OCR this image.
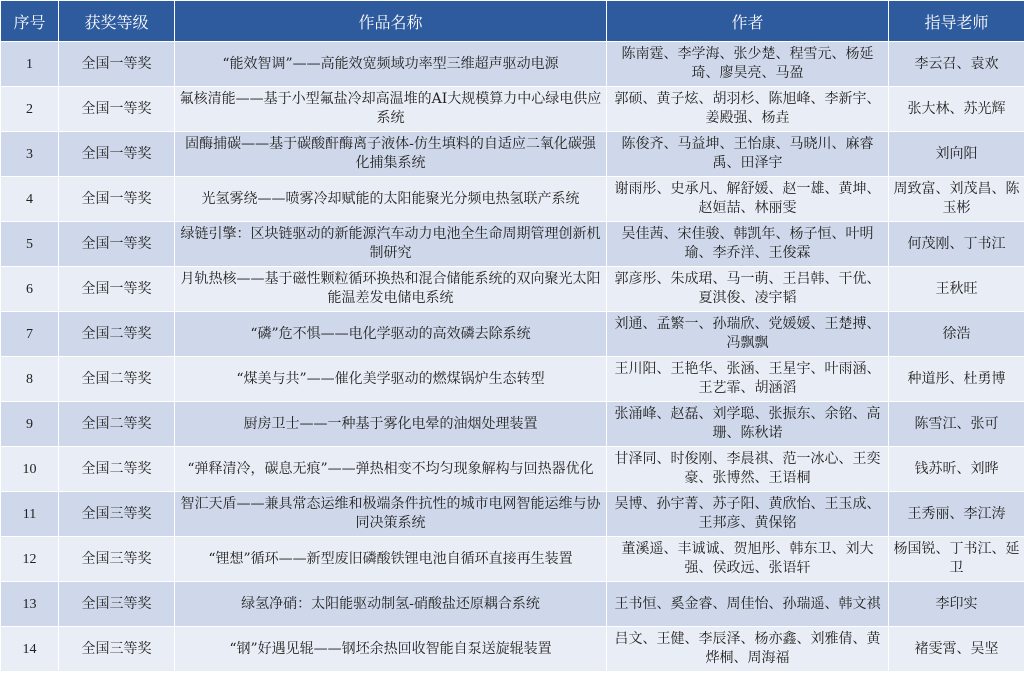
序号	获奖等级	作品名称	作者	指导老师
1	全国一等奖	“能效智调”——高能效宽频域功率型三维超声驱动电源	陈南霆、李学海、张少楚、程雪元、杨延琦、廖昊亮、马盈	李云召、袁欢
2	全国一等奖	氟核清能——基于小型氟盐冷却高温堆的AI大规模算力中心绿电供应系统	郭硕、黄子炫、胡羽杉、陈旭峰、李新宇、姜殿强、杨垚	张大林、苏光辉
3	全国一等奖	固酶捕碳——基于碳酸酐酶离子液体-仿生填料的自适应二氧化碳强化捕集系统	陈俊齐、马益坤、王怡康、马晓川、麻睿禹、田泽宇	刘向阳
4	全国一等奖	光氢雾绕——喷雾冷却赋能的太阳能聚光分频电热氢联产系统	谢雨彤、史承凡、解舒媛、赵一雄、黄坤、赵姮喆、林丽雯	周致富、刘茂昌、陈玉彬
5	全国一等奖	绿链引擎：区块链驱动的新能源汽车动力电池全生命周期管理创新机制研究	吴佳茜、宋佳骏、韩凯年、杨子恒、叶明瑜、李乔洋、王俊霖	何茂刚、丁书江
6	全国一等奖	月轨热核——基于磁性颗粒循环换热和混合储能系统的双向聚光太阳能温差发电储电系统	郭彦彤、朱成珺、马一萌、王吕韩、干优、夏淇俊、凌宇韬	王秋旺
7	全国二等奖	“磷”危不惧——电化学驱动的高效磷去除系统	刘通、孟繁一、孙瑞欣、党媛媛、王楚搏、冯飘飘	徐浩
8	全国二等奖	“煤美与共”——催化美学驱动的燃煤锅炉生态转型	王川阳、王艳华、张涵、王星宇、叶雨涵、王艺霏、胡涵滔	种道彤、杜勇博
9	全国二等奖	厨房卫士——一种基于雾化电晕的油烟处理装置	张涌峰、赵磊、刘学聪、张振东、余铭、高珊、陈秋诺	陈雪江、张可
10	全国二等奖	“弹释清冷，碳息无痕”——弹热相变不均匀现象解构与回热器优化	甘泽同、时俊刚、李晨祺、范一冰心、王奕豪、张博然、王语桐	钱苏昕、刘晔
11	全国三等奖	智汇天盾——兼具常态运维和极端条件抗性的城市电网智能运维与协同决策系统	吴博、孙宇菁、苏子阳、黄欣怡、王玉成、王邦彦、黄保铭	王秀丽、李江涛
12	全国三等奖	“锂想”循环——新型废旧磷酸铁锂电池自循环直接再生装置	董溪遥、丰诚诚、贺旭彤、韩东卫、刘大强、侯政远、张语轩	杨国锐、丁书江、延卫
13	全国三等奖	绿氢净硝：太阳能驱动制氢-硝酸盐还原耦合系统	王书恒、奚金睿、周佳怡、孙瑞遥、韩文祺	李印实
14	全国三等奖	“钢”好遇见辊——钢坯余热回收智能自泵送旋辊装置	吕文、王健、李辰泽、杨亦鑫、刘雅倩、黄烨桐、周海福	褚雯霄、吴坚
